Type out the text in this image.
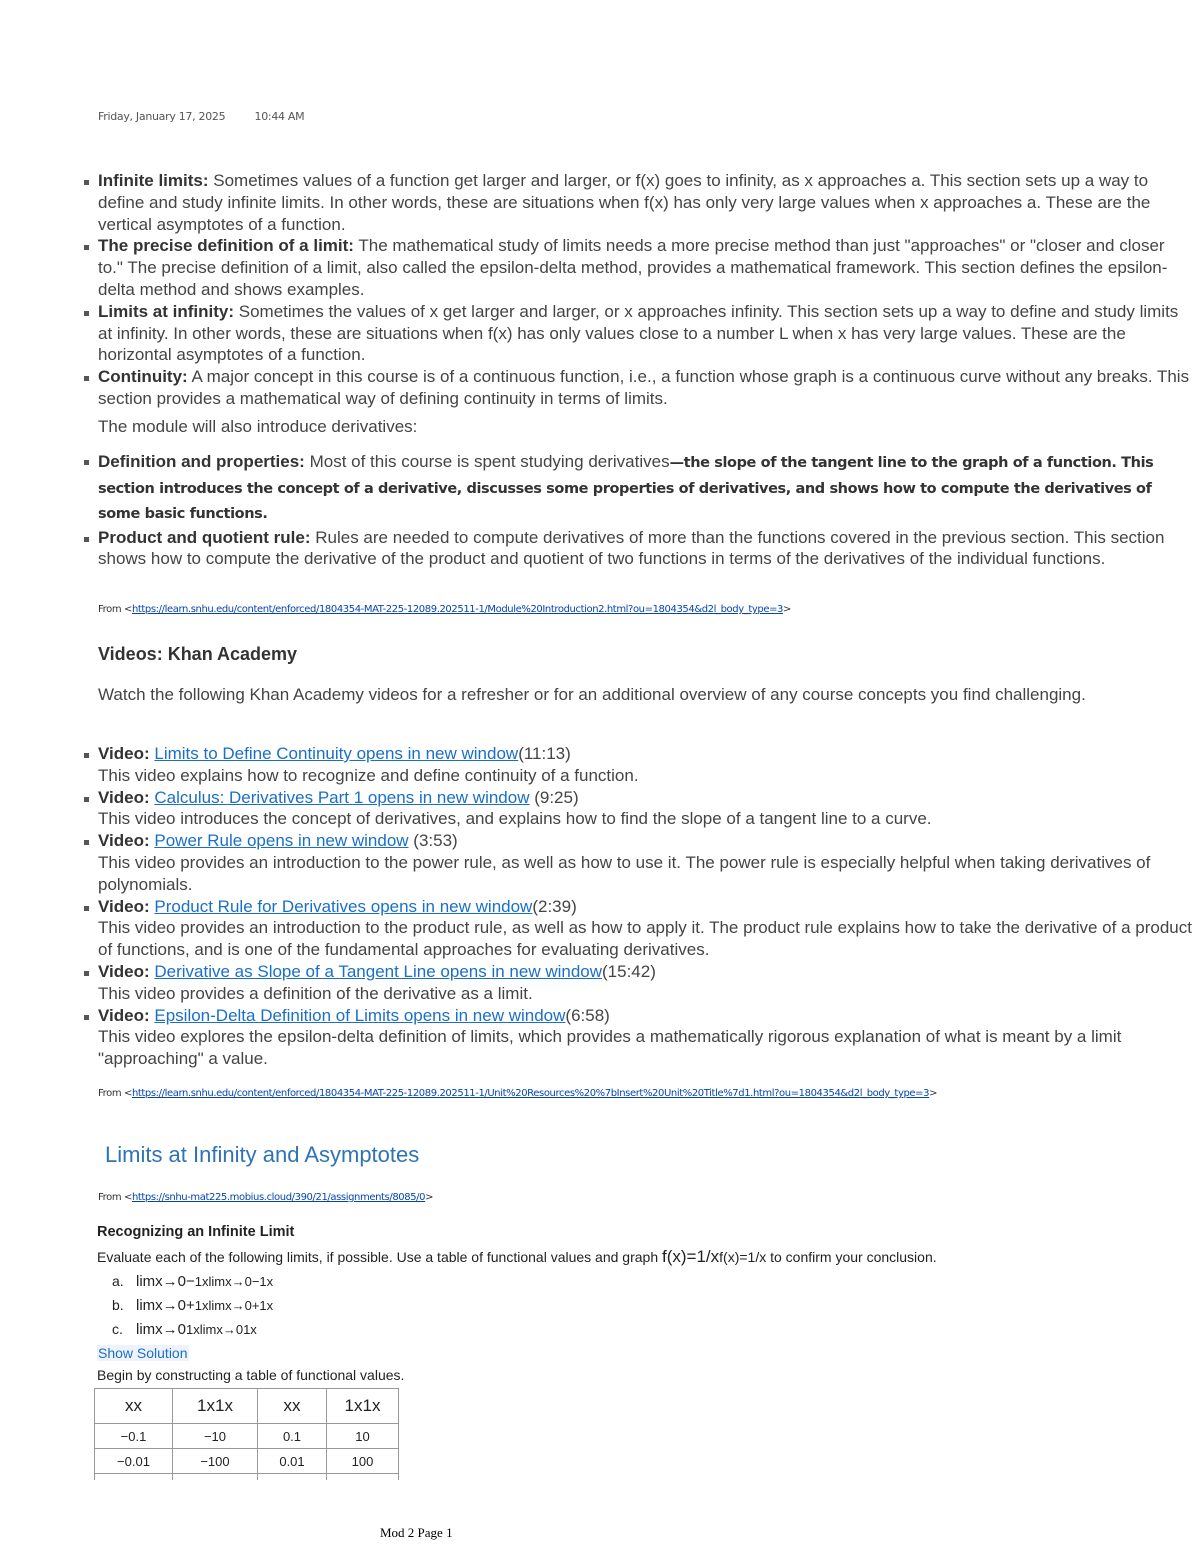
Friday, January 17, 2025	10:44 AM
Infinite limits: Sometimes values of a function get larger and larger, or f(x) goes to infinity, as x approaches a. This section sets up a way to define and study infinite limits. In other words, these are situations when f(x) has only very large values when x approaches a. These are the vertical asymptotes of a function.
The precise definition of a limit: The mathematical study of limits needs a more precise method than just "approaches" or "closer and closer to." The precise definition of a limit, also called the epsilon-delta method, provides a mathematical framework. This section defines the epsilon-delta method and shows examples.
Limits at infinity: Sometimes the values of x get larger and larger, or x approaches infinity. This section sets up a way to define and study limits at infinity. In other words, these are situations when f(x) has only values close to a number L when x has very large values. These are the horizontal asymptotes of a function.
Continuity: A major concept in this course is of a continuous function, i.e., a function whose graph is a continuous curve without any breaks. This section provides a mathematical way of defining continuity in terms of limits.
The module will also introduce derivatives:
Definition and properties: Most of this course is spent studying derivatives—the slope of the tangent line to the graph of a function. This section introduces the concept of a derivative, discusses some properties of derivatives, and shows how to compute the derivatives of some basic functions.
Product and quotient rule: Rules are needed to compute derivatives of more than the functions covered in the previous section. This section shows how to compute the derivative of the product and quotient of two functions in terms of the derivatives of the individual functions.
From <https://learn.snhu.edu/content/enforced/1804354-MAT-225-12089.202511-1/Module%20Introduction2.html?ou=1804354&d2l_body_type=3>
Videos: Khan Academy
Watch the following Khan Academy videos for a refresher or for an additional overview of any course concepts you find challenging.
Video: Limits to Define Continuity opens in new window(11:13)
This video explains how to recognize and define continuity of a function.
Video: Calculus: Derivatives Part 1 opens in new window (9:25)
This video introduces the concept of derivatives, and explains how to find the slope of a tangent line to a curve.
Video: Power Rule opens in new window (3:53)
This video provides an introduction to the power rule, as well as how to use it. The power rule is especially helpful when taking derivatives of polynomials.
Video: Product Rule for Derivatives opens in new window(2:39)
This video provides an introduction to the product rule, as well as how to apply it. The product rule explains how to take the derivative of a product of functions, and is one of the fundamental approaches for evaluating derivatives.
Video: Derivative as Slope of a Tangent Line opens in new window(15:42)
This video provides a definition of the derivative as a limit.
Video: Epsilon-Delta Definition of Limits opens in new window(6:58)
This video explores the epsilon-delta definition of limits, which provides a mathematically rigorous explanation of what is meant by a limit "approaching" a value.
From <https://learn.snhu.edu/content/enforced/1804354-MAT-225-12089.202511-1/Unit%20Resources%20%7bInsert%20Unit%20Title%7d1.html?ou=1804354&d2l_body_type=3>
Limits at Infinity and Asymptotes
From <https://snhu-mat225.mobius.cloud/390/21/assignments/8085/0>
Recognizing an Infinite Limit
Evaluate each of the following limits, if possible. Use a table of functional values and graph f(x)=1/xf(x)=1/x to confirm your conclusion.
a. limx→0−1xlimx→0−1x
b. limx→0+1xlimx→0+1x
c. limx→01xlimx→01x
Show Solution
Begin by constructing a table of functional values.
xx	1x1x	xx	1x1x
−0.1	−10	0.1	10
−0.01	−100	0.01	100

Mod 2 Page 1
